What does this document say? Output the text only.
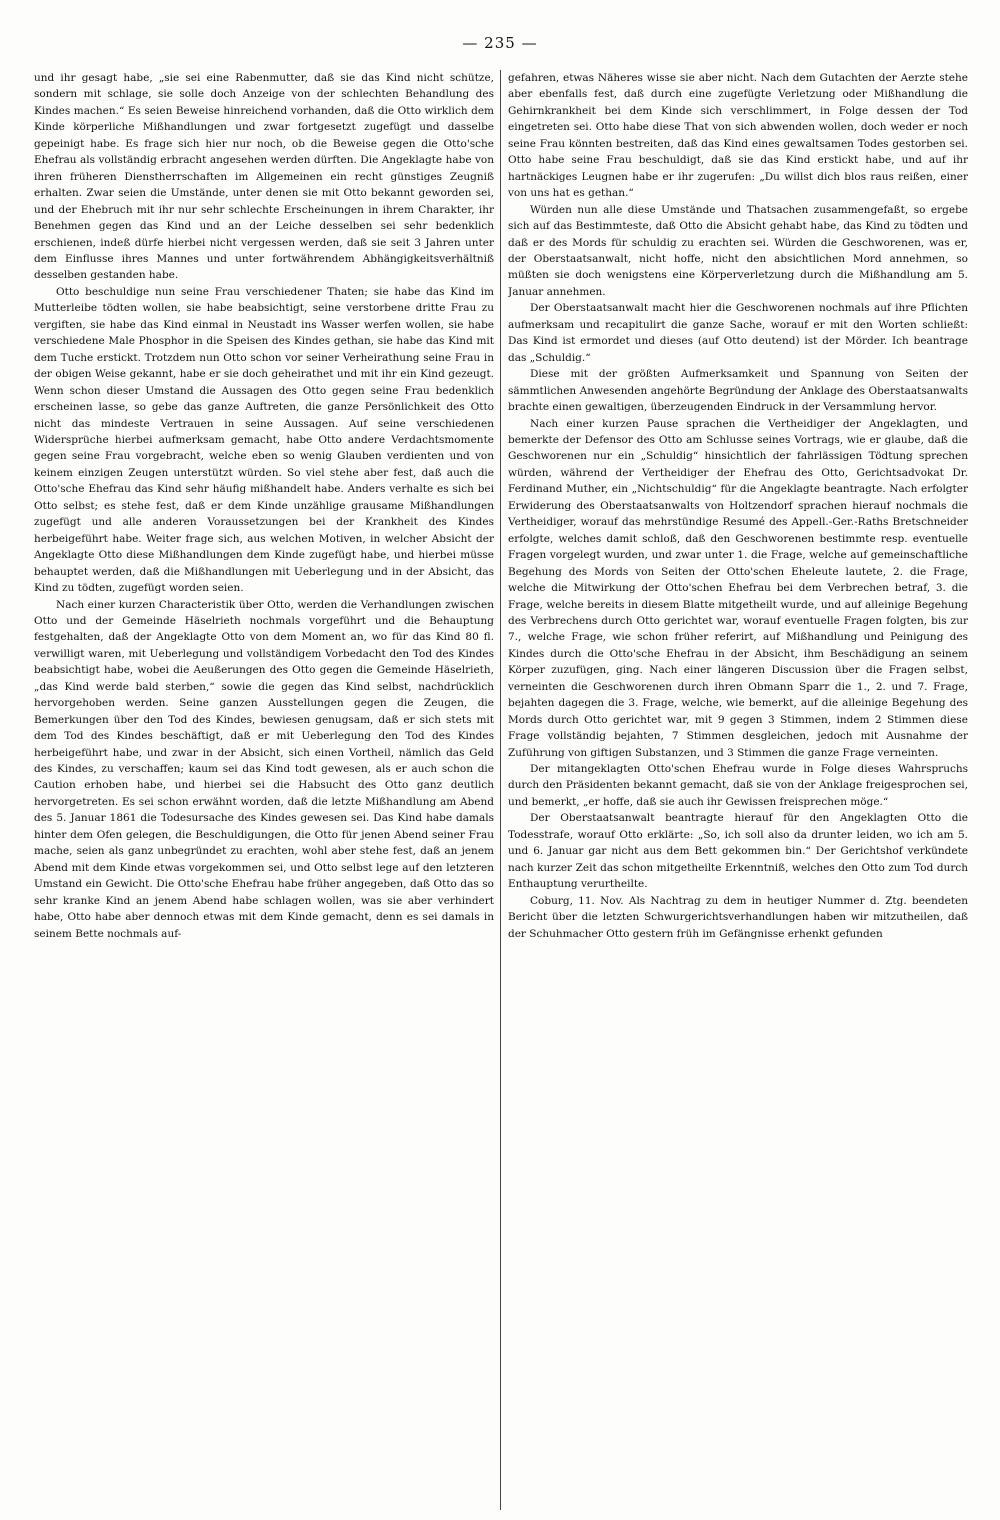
— 235 —

und ihr gesagt habe, „sie sei eine Rabenmutter, daß sie das Kind nicht schütze, sondern mit schlage, sie solle doch Anzeige von der schlechten Behandlung des Kindes machen.“ Es seien Beweise hinreichend vorhanden, daß die Otto wirklich dem Kinde körperliche Mißhandlungen und zwar fortgesetzt zugefügt und dasselbe gepeinigt habe. Es frage sich hier nur noch, ob die Beweise gegen die Otto'sche Ehefrau als vollständig erbracht angesehen werden dürften. Die Angeklagte habe von ihren früheren Dienstherrschaften im Allgemeinen ein recht günstiges Zeugniß erhalten. Zwar seien die Umstände, unter denen sie mit Otto bekannt geworden sei, und der Ehebruch mit ihr nur sehr schlechte Erscheinungen in ihrem Charakter, ihr Benehmen gegen das Kind und an der Leiche desselben sei sehr bedenklich erschienen, indeß dürfe hierbei nicht vergessen werden, daß sie seit 3 Jahren unter dem Einflusse ihres Mannes und unter fortwährendem Abhängigkeitsverhältniß desselben gestanden habe.

Otto beschuldige nun seine Frau verschiedener Thaten; sie habe das Kind im Mutterleibe tödten wollen, sie habe beabsichtigt, seine verstorbene dritte Frau zu vergiften, sie habe das Kind einmal in Neustadt ins Wasser werfen wollen, sie habe verschiedene Male Phosphor in die Speisen des Kindes gethan, sie habe das Kind mit dem Tuche erstickt. Trotzdem nun Otto schon vor seiner Verheirathung seine Frau in der obigen Weise gekannt, habe er sie doch geheirathet und mit ihr ein Kind gezeugt. Wenn schon dieser Umstand die Aussagen des Otto gegen seine Frau bedenklich erscheinen lasse, so gebe das ganze Auftreten, die ganze Persönlichkeit des Otto nicht das mindeste Vertrauen in seine Aussagen. Auf seine verschiedenen Widersprüche hierbei aufmerksam gemacht, habe Otto andere Verdachtsmomente gegen seine Frau vorgebracht, welche eben so wenig Glauben verdienten und von keinem einzigen Zeugen unterstützt würden. So viel stehe aber fest, daß auch die Otto'sche Ehefrau das Kind sehr häufig mißhandelt habe. Anders verhalte es sich bei Otto selbst; es stehe fest, daß er dem Kinde unzählige grausame Mißhandlungen zugefügt und alle anderen Voraussetzungen bei der Krankheit des Kindes herbeigeführt habe. Weiter frage sich, aus welchen Motiven, in welcher Absicht der Angeklagte Otto diese Mißhandlungen dem Kinde zugefügt habe, und hierbei müsse behauptet werden, daß die Mißhandlungen mit Ueberlegung und in der Absicht, das Kind zu tödten, zugefügt worden seien.

Nach einer kurzen Characteristik über Otto, werden die Verhandlungen zwischen Otto und der Gemeinde Häselrieth nochmals vorgeführt und die Behauptung festgehalten, daß der Angeklagte Otto von dem Moment an, wo für das Kind 80 fl. verwilligt waren, mit Ueberlegung und vollständigem Vorbedacht den Tod des Kindes beabsichtigt habe, wobei die Aeußerungen des Otto gegen die Gemeinde Häselrieth, „das Kind werde bald sterben,“ sowie die gegen das Kind selbst, nachdrücklich hervorgehoben werden. Seine ganzen Ausstellungen gegen die Zeugen, die Bemerkungen über den Tod des Kindes, bewiesen genugsam, daß er sich stets mit dem Tod des Kindes beschäftigt, daß er mit Ueberlegung den Tod des Kindes herbeigeführt habe, und zwar in der Absicht, sich einen Vortheil, nämlich das Geld des Kindes, zu verschaffen; kaum sei das Kind todt gewesen, als er auch schon die Caution erhoben habe, und hierbei sei die Habsucht des Otto ganz deutlich hervorgetreten. Es sei schon erwähnt worden, daß die letzte Mißhandlung am Abend des 5. Januar 1861 die Todesursache des Kindes gewesen sei. Das Kind habe damals hinter dem Ofen gelegen, die Beschuldigungen, die Otto für jenen Abend seiner Frau mache, seien als ganz unbegründet zu erachten, wohl aber stehe fest, daß an jenem Abend mit dem Kinde etwas vorgekommen sei, und Otto selbst lege auf den letzteren Umstand ein Gewicht. Die Otto'sche Ehefrau habe früher angegeben, daß Otto das so sehr kranke Kind an jenem Abend habe schlagen wollen, was sie aber verhindert habe, Otto habe aber dennoch etwas mit dem Kinde gemacht, denn es sei damals in seinem Bette nochmals auf-

gefahren, etwas Näheres wisse sie aber nicht. Nach dem Gutachten der Aerzte stehe aber ebenfalls fest, daß durch eine zugefügte Verletzung oder Mißhandlung die Gehirnkrankheit bei dem Kinde sich verschlimmert, in Folge dessen der Tod eingetreten sei. Otto habe diese That von sich abwenden wollen, doch weder er noch seine Frau könnten bestreiten, daß das Kind eines gewaltsamen Todes gestorben sei. Otto habe seine Frau beschuldigt, daß sie das Kind erstickt habe, und auf ihr hartnäckiges Leugnen habe er ihr zugerufen: „Du willst dich blos raus reißen, einer von uns hat es gethan.“

Würden nun alle diese Umstände und Thatsachen zusammengefaßt, so ergebe sich auf das Bestimmteste, daß Otto die Absicht gehabt habe, das Kind zu tödten und daß er des Mords für schuldig zu erachten sei. Würden die Geschworenen, was er, der Oberstaatsanwalt, nicht hoffe, nicht den absichtlichen Mord annehmen, so müßten sie doch wenigstens eine Körperverletzung durch die Mißhandlung am 5. Januar annehmen.

Der Oberstaatsanwalt macht hier die Geschworenen nochmals auf ihre Pflichten aufmerksam und recapitulirt die ganze Sache, worauf er mit den Worten schließt: Das Kind ist ermordet und dieses (auf Otto deutend) ist der Mörder. Ich beantrage das „Schuldig.“

Diese mit der größten Aufmerksamkeit und Spannung von Seiten der sämmtlichen Anwesenden angehörte Begründung der Anklage des Oberstaatsanwalts brachte einen gewaltigen, überzeugenden Eindruck in der Versammlung hervor.

Nach einer kurzen Pause sprachen die Vertheidiger der Angeklagten, und bemerkte der Defensor des Otto am Schlusse seines Vortrags, wie er glaube, daß die Geschworenen nur ein „Schuldig“ hinsichtlich der fahrlässigen Tödtung sprechen würden, während der Vertheidiger der Ehefrau des Otto, Gerichtsadvokat Dr. Ferdinand Muther, ein „Nichtschuldig“ für die Angeklagte beantragte. Nach erfolgter Erwiderung des Oberstaatsanwalts von Holtzendorf sprachen hierauf nochmals die Vertheidiger, worauf das mehrstündige Resumé des Appell.-Ger.-Raths Bretschneider erfolgte, welches damit schloß, daß den Geschworenen bestimmte resp. eventuelle Fragen vorgelegt wurden, und zwar unter 1. die Frage, welche auf gemeinschaftliche Begehung des Mords von Seiten der Otto'schen Eheleute lautete, 2. die Frage, welche die Mitwirkung der Otto'schen Ehefrau bei dem Verbrechen betraf, 3. die Frage, welche bereits in diesem Blatte mitgetheilt wurde, und auf alleinige Begehung des Verbrechens durch Otto gerichtet war, worauf eventuelle Fragen folgten, bis zur 7., welche Frage, wie schon früher referirt, auf Mißhandlung und Peinigung des Kindes durch die Otto'sche Ehefrau in der Absicht, ihm Beschädigung an seinem Körper zuzufügen, ging. Nach einer längeren Discussion über die Fragen selbst, verneinten die Geschworenen durch ihren Obmann Sparr die 1., 2. und 7. Frage, bejahten dagegen die 3. Frage, welche, wie bemerkt, auf die alleinige Begehung des Mords durch Otto gerichtet war, mit 9 gegen 3 Stimmen, indem 2 Stimmen diese Frage vollständig bejahten, 7 Stimmen desgleichen, jedoch mit Ausnahme der Zuführung von giftigen Substanzen, und 3 Stimmen die ganze Frage verneinten.

Der mitangeklagten Otto'schen Ehefrau wurde in Folge dieses Wahrspruchs durch den Präsidenten bekannt gemacht, daß sie von der Anklage freigesprochen sei, und bemerkt, „er hoffe, daß sie auch ihr Gewissen freisprechen möge.“

Der Oberstaatsanwalt beantragte hierauf für den Angeklagten Otto die Todesstrafe, worauf Otto erklärte: „So, ich soll also da drunter leiden, wo ich am 5. und 6. Januar gar nicht aus dem Bett gekommen bin.“ Der Gerichtshof verkündete nach kurzer Zeit das schon mitgetheilte Erkenntniß, welches den Otto zum Tod durch Enthauptung verurtheilte.

Coburg, 11. Nov. Als Nachtrag zu dem in heutiger Nummer d. Ztg. beendeten Bericht über die letzten Schwurgerichtsverhandlungen haben wir mitzutheilen, daß der Schuhmacher Otto gestern früh im Gefängnisse erhenkt gefunden
